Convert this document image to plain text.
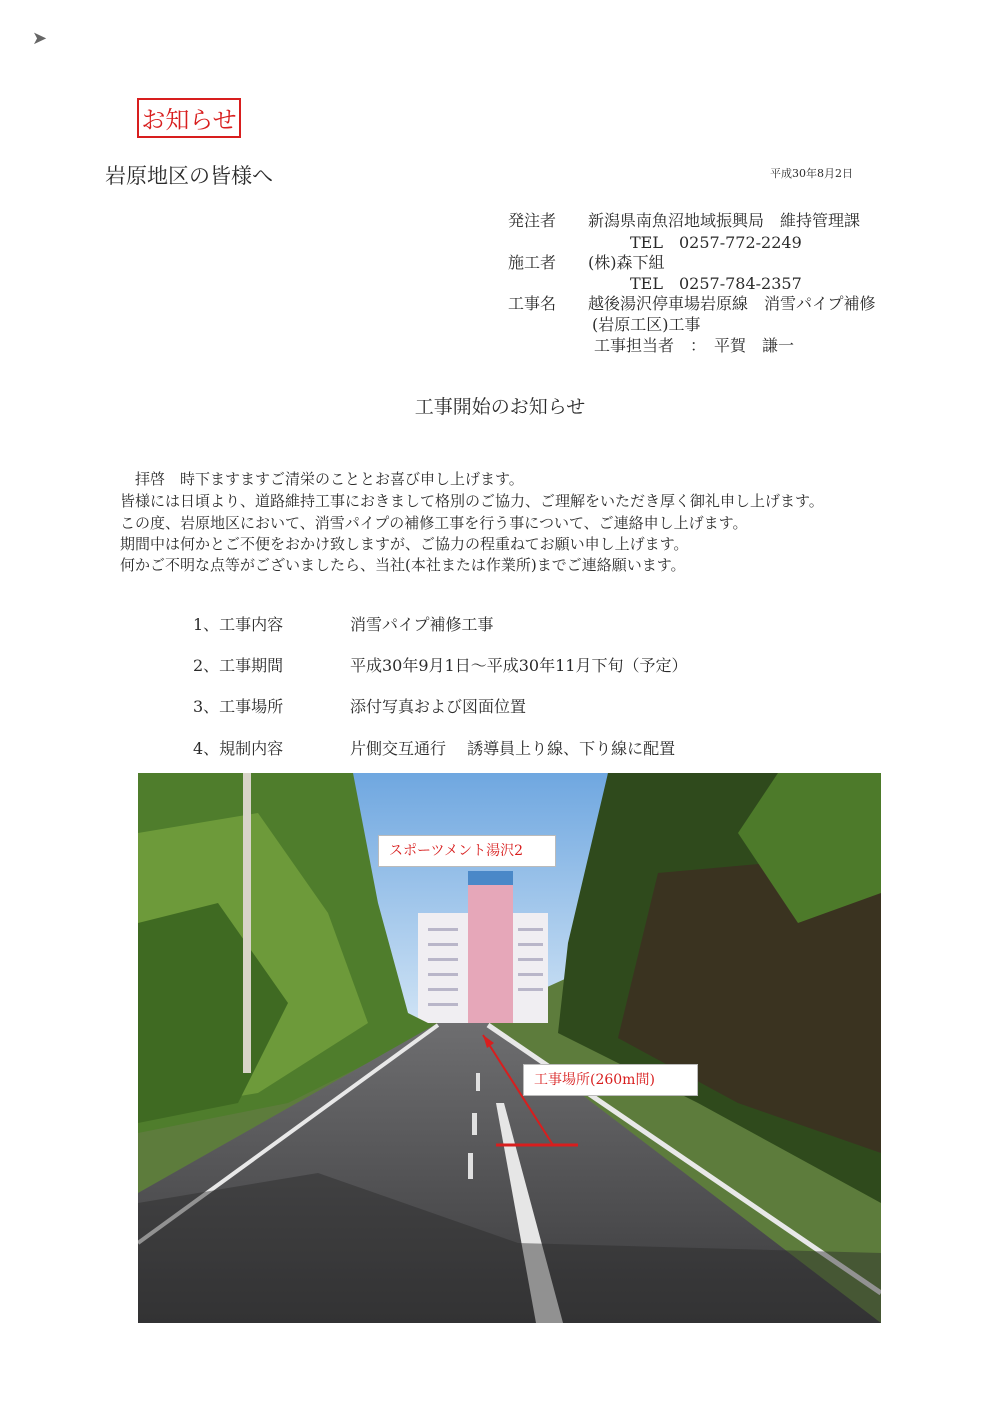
➤
お知らせ
岩原地区の皆様へ	平成30年8月2日
発注者 新潟県南魚沼地域振興局　維持管理課
TEL　0257-772-2249
施工者 (株)森下組
TEL　0257-784-2357
工事名 越後湯沢停車場岩原線　消雪パイプ補修
(岩原工区)工事
工事担当者　：　平賀　謙一
工事開始のお知らせ
　拝啓　時下ますますご清栄のこととお喜び申し上げます。
皆様には日頃より、道路維持工事におきまして格別のご協力、ご理解をいただき厚く御礼申し上げます。
この度、岩原地区において、消雪パイプの補修工事を行う事について、ご連絡申し上げます。
期間中は何かとご不便をおかけ致しますが、ご協力の程重ねてお願い申し上げます。
何かご不明な点等がございましたら、当社(本社または作業所)までご連絡願います。
1、工事内容	消雪パイプ補修工事
2、工事期間	平成30年9月1日～平成30年11月下旬（予定）
3、工事場所	添付写真および図面位置
4、規制内容	片側交互通行　 誘導員上り線、下り線に配置
スポーツメント湯沢2
工事場所(260m間)
